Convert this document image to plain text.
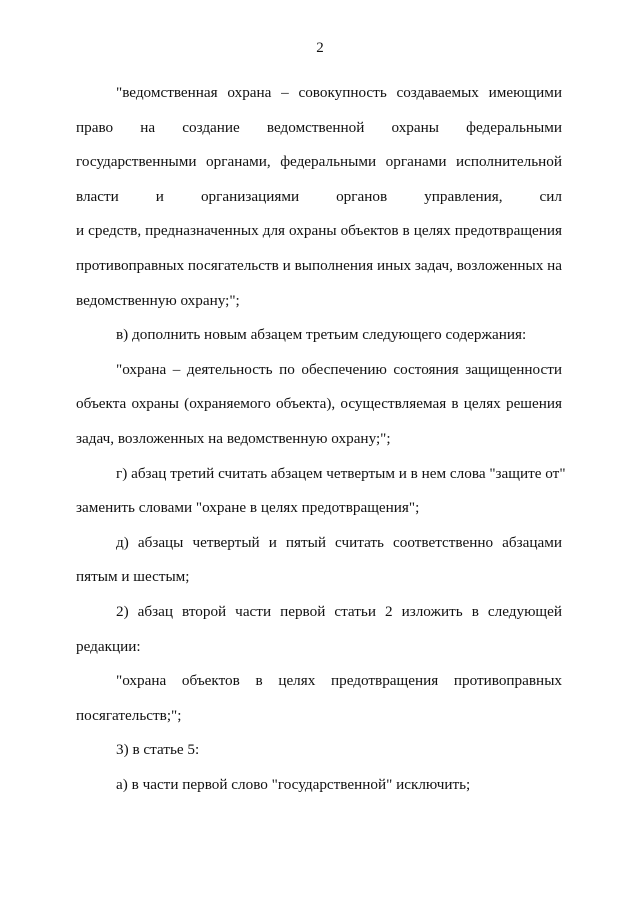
2
"ведомственная охрана – совокупность создаваемых имеющими
право на создание ведомственной охраны федеральными
государственными органами, федеральными органами исполнительной
власти и организациями органов управления, сил
и средств, предназначенных для охраны объектов в целях предотвращения
противоправных посягательств и выполнения иных задач, возложенных на
ведомственную охрану;";
в) дополнить новым абзацем третьим следующего содержания:
"охрана – деятельность по обеспечению состояния защищенности
объекта охраны (охраняемого объекта), осуществляемая в целях решения
задач, возложенных на ведомственную охрану;";
г) абзац третий считать абзацем четвертым и в нем слова "защите от"
заменить словами "охране в целях предотвращения";
д) абзацы четвертый и пятый считать соответственно абзацами
пятым и шестым;
2) абзац второй части первой статьи 2 изложить в следующей
редакции:
"охрана объектов в целях предотвращения противоправных
посягательств;";
3) в статье 5:
а) в части первой слово "государственной" исключить;
